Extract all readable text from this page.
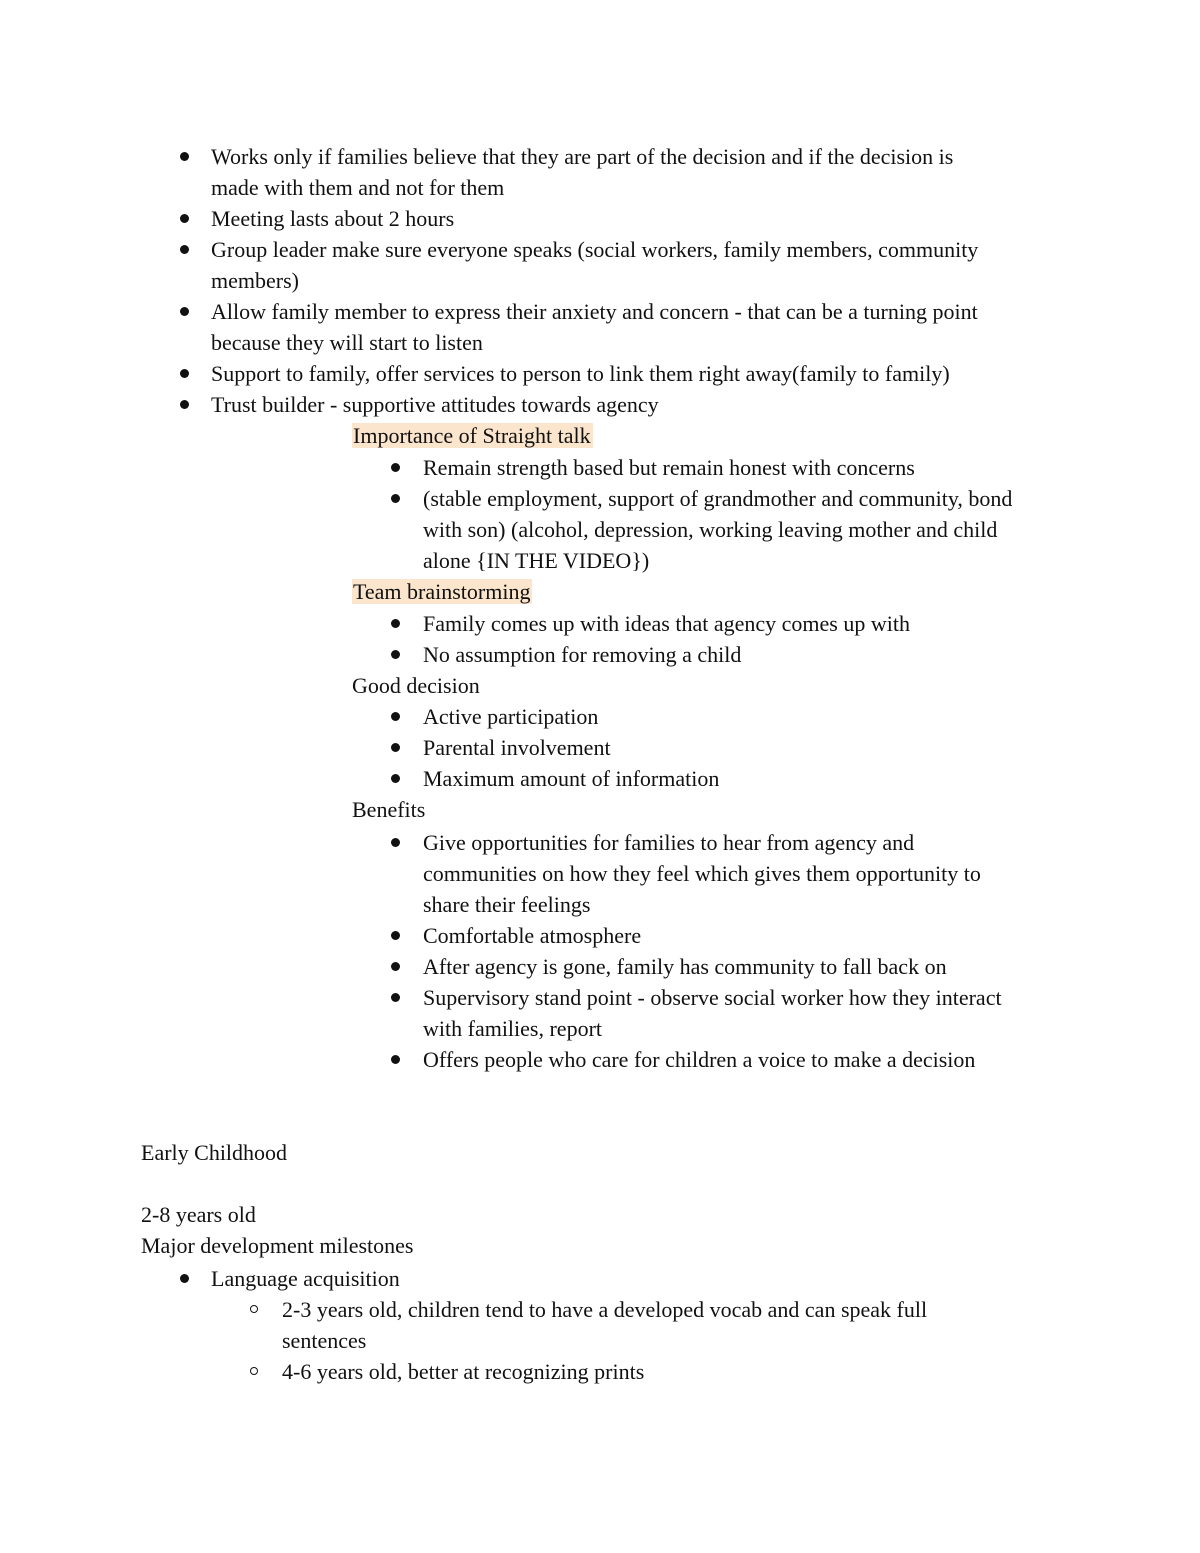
Works only if families believe that they are part of the decision and if the decision is
made with them and not for them
Meeting lasts about 2 hours
Group leader make sure everyone speaks (social workers, family members, community
members)
Allow family member to express their anxiety and concern - that can be a turning point
because they will start to listen
Support to family, offer services to person to link them right away(family to family)
Trust builder - supportive attitudes towards agency
Importance of Straight talk
Remain strength based but remain honest with concerns
(stable employment, support of grandmother and community, bond
with son) (alcohol, depression, working leaving mother and child
alone {IN THE VIDEO})
Team brainstorming
Family comes up with ideas that agency comes up with
No assumption for removing a child
Good decision
Active participation
Parental involvement
Maximum amount of information
Benefits
Give opportunities for families to hear from agency and
communities on how they feel which gives them opportunity to
share their feelings
Comfortable atmosphere
After agency is gone, family has community to fall back on
Supervisory stand point - observe social worker how they interact
with families, report
Offers people who care for children a voice to make a decision
Early Childhood
2-8 years old
Major development milestones
Language acquisition
2-3 years old, children tend to have a developed vocab and can speak full
sentences
4-6 years old, better at recognizing prints
